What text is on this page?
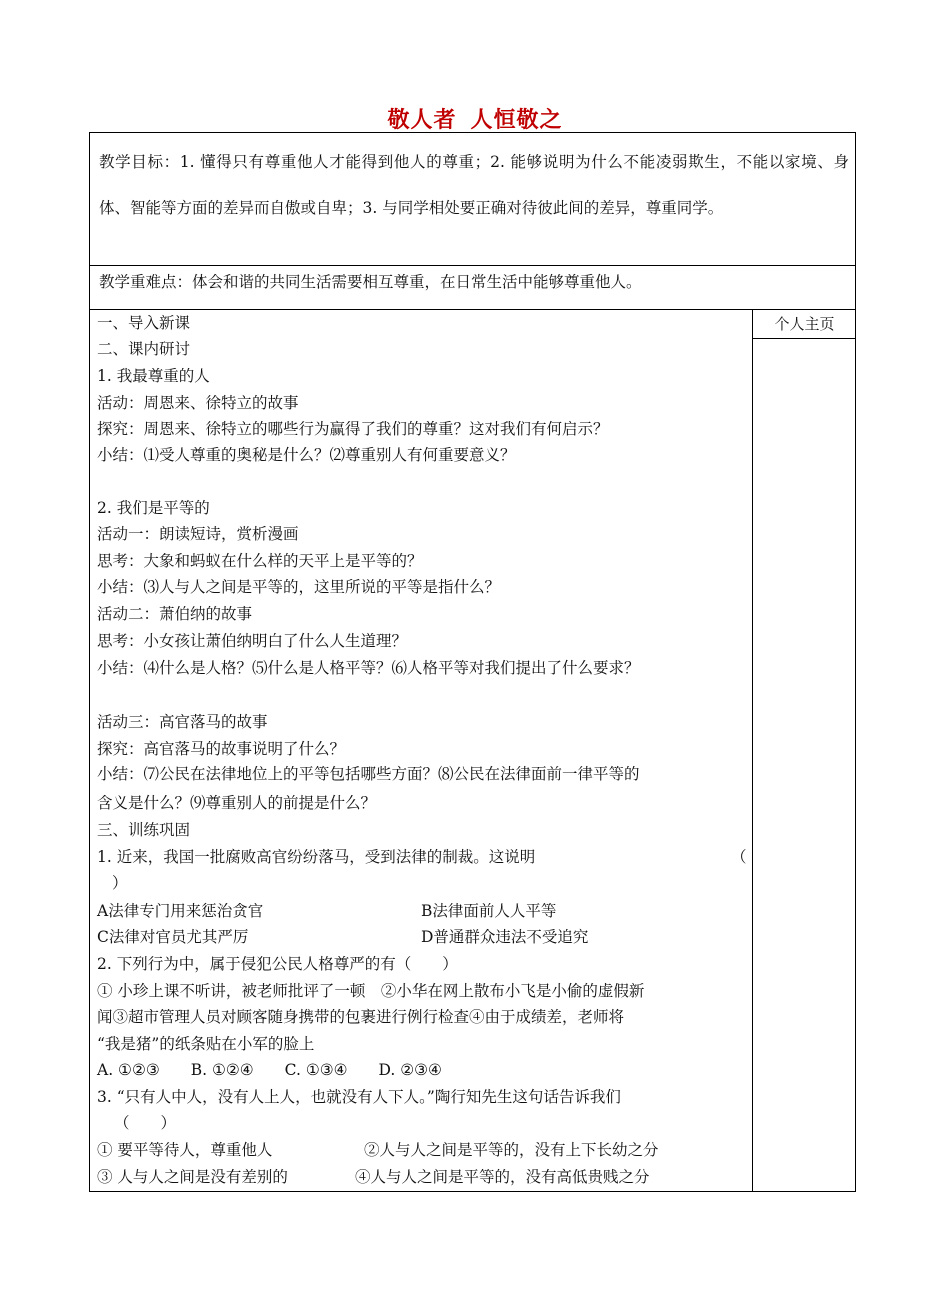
敬人者 人恒敬之
教学目标：1. 懂得只有尊重他人才能得到他人的尊重；2. 能够说明为什么不能凌弱欺生，不能以家境、身体、智能等方面的差异而自傲或自卑；3. 与同学相处要正确对待彼此间的差异，尊重同学。
教学重难点：体会和谐的共同生活需要相互尊重，在日常生活中能够尊重他人。
个人主页
一、导入新课
二、课内研讨
1. 我最尊重的人
活动：周恩来、徐特立的故事
探究：周恩来、徐特立的哪些行为赢得了我们的尊重？这对我们有何启示？
小结：⑴受人尊重的奥秘是什么？⑵尊重别人有何重要意义？
2. 我们是平等的
活动一：朗读短诗，赏析漫画
思考：大象和蚂蚁在什么样的天平上是平等的？
小结：⑶人与人之间是平等的，这里所说的平等是指什么？
活动二：萧伯纳的故事
思考：小女孩让萧伯纳明白了什么人生道理？
小结：⑷什么是人格？⑸什么是人格平等？⑹人格平等对我们提出了什么要求？
活动三：高官落马的故事
探究：高官落马的故事说明了什么？
小结：⑺公民在法律地位上的平等包括哪些方面？⑻公民在法律面前一律平等的
含义是什么？⑼尊重别人的前提是什么？
三、训练巩固
1. 近来，我国一批腐败高官纷纷落马，受到法律的制裁。这说明	（
）
A法律专门用来惩治贪官	B法律面前人人平等
C法律对官员尤其严厉	D普通群众违法不受追究
2. 下列行为中，属于侵犯公民人格尊严的有（　　）
① 小珍上课不听讲，被老师批评了一顿　②小华在网上散布小飞是小偷的虚假新
闻③超市管理人员对顾客随身携带的包裹进行例行检查④由于成绩差，老师将
“我是猪”的纸条贴在小军的脸上
A. ①②③　　B. ①②④　　C. ①③④　　D. ②③④
3. “只有人中人，没有人上人，也就没有人下人。”陶行知先生这句话告诉我们
（　　）
① 要平等待人，尊重他人	②人与人之间是平等的，没有上下长幼之分
③ 人与人之间是没有差别的	④人与人之间是平等的，没有高低贵贱之分
